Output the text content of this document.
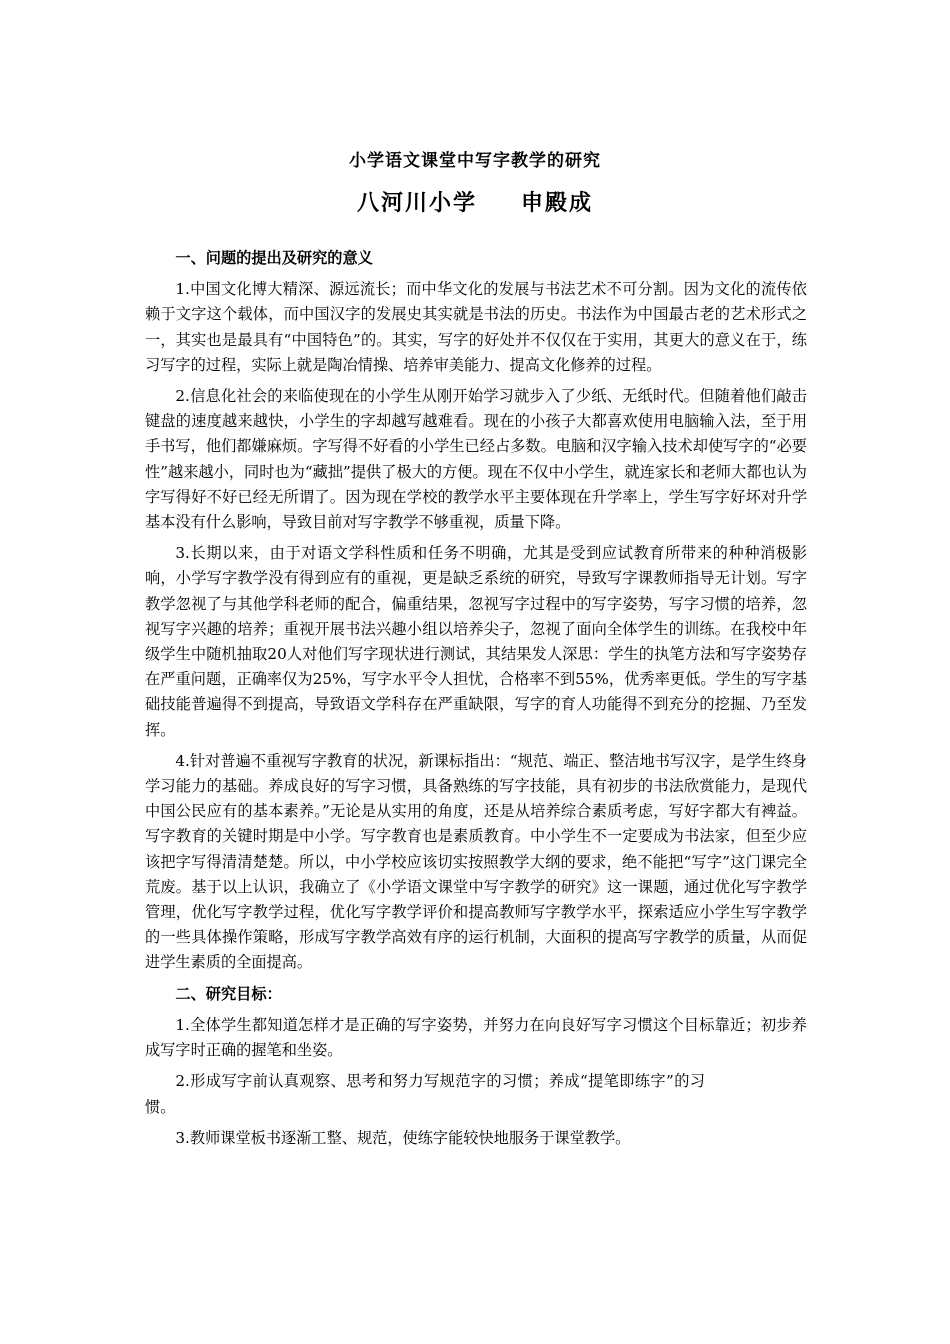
小学语文课堂中写字教学的研究
八河川小学 申殿成
一、问题的提出及研究的意义
1.中国文化博大精深、源远流长；而中华文化的发展与书法艺术不可分割。因为文化的流传依赖于文字这个载体，而中国汉字的发展史其实就是书法的历史。书法作为中国最古老的艺术形式之一，其实也是最具有“中国特色”的。其实，写字的好处并不仅仅在于实用，其更大的意义在于，练习写字的过程，实际上就是陶冶情操、培养审美能力、提高文化修养的过程。
2.信息化社会的来临使现在的小学生从刚开始学习就步入了少纸、无纸时代。但随着他们敲击键盘的速度越来越快，小学生的字却越写越难看。现在的小孩子大都喜欢使用电脑输入法，至于用手书写，他们都嫌麻烦。字写得不好看的小学生已经占多数。电脑和汉字输入技术却使写字的“必要性”越来越小，同时也为“藏拙”提供了极大的方便。现在不仅中小学生，就连家长和老师大都也认为字写得好不好已经无所谓了。因为现在学校的教学水平主要体现在升学率上，学生写字好坏对升学基本没有什么影响，导致目前对写字教学不够重视，质量下降。
3.长期以来，由于对语文学科性质和任务不明确，尤其是受到应试教育所带来的种种消极影响，小学写字教学没有得到应有的重视，更是缺乏系统的研究，导致写字课教师指导无计划。写字教学忽视了与其他学科老师的配合，偏重结果，忽视写字过程中的写字姿势，写字习惯的培养，忽视写字兴趣的培养；重视开展书法兴趣小组以培养尖子，忽视了面向全体学生的训练。在我校中年级学生中随机抽取20人对他们写字现状进行测试，其结果发人深思：学生的执笔方法和写字姿势存在严重问题，正确率仅为25%，写字水平令人担忧，合格率不到55%，优秀率更低。学生的写字基础技能普遍得不到提高，导致语文学科存在严重缺限，写字的育人功能得不到充分的挖掘、乃至发挥。
4.针对普遍不重视写字教育的状况，新课标指出：“规范、端正、整洁地书写汉字，是学生终身学习能力的基础。养成良好的写字习惯，具备熟练的写字技能，具有初步的书法欣赏能力，是现代中国公民应有的基本素养。”无论是从实用的角度，还是从培养综合素质考虑，写好字都大有裨益。写字教育的关键时期是中小学。写字教育也是素质教育。中小学生不一定要成为书法家，但至少应该把字写得清清楚楚。所以，中小学校应该切实按照教学大纲的要求，绝不能把“写字”这门课完全荒废。基于以上认识，我确立了《小学语文课堂中写字教学的研究》这一课题，通过优化写字教学管理，优化写字教学过程，优化写字教学评价和提高教师写字教学水平，探索适应小学生写字教学的一些具体操作策略，形成写字教学高效有序的运行机制，大面积的提高写字教学的质量，从而促进学生素质的全面提高。
二、研究目标：
1.全体学生都知道怎样才是正确的写字姿势，并努力在向良好写字习惯这个目标靠近；初步养成写字时正确的握笔和坐姿。
2.形成写字前认真观察、思考和努力写规范字的习惯；养成“提笔即练字”的习惯。
3.教师课堂板书逐渐工整、规范，使练字能较快地服务于课堂教学。
